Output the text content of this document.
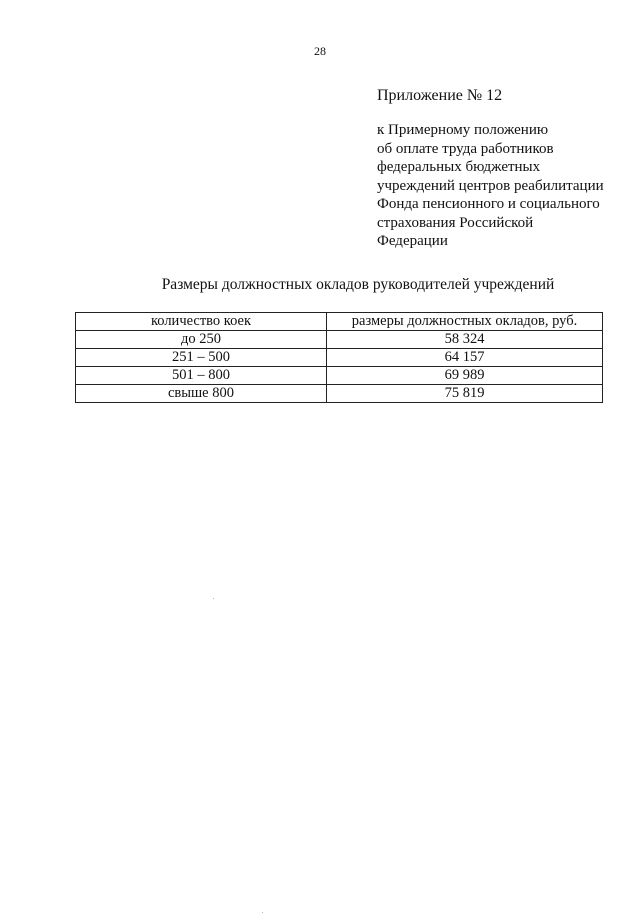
28
Приложение № 12
к Примерному положению
об оплате труда работников
федеральных бюджетных
учреждений центров реабилитации
Фонда пенсионного и социального
страхования Российской
Федерации
Размеры должностных окладов руководителей учреждений
количество коек	размеры должностных окладов, руб.
до 250	58 324
251 – 500	64 157
501 – 800	69 989
свыше 800	75 819
